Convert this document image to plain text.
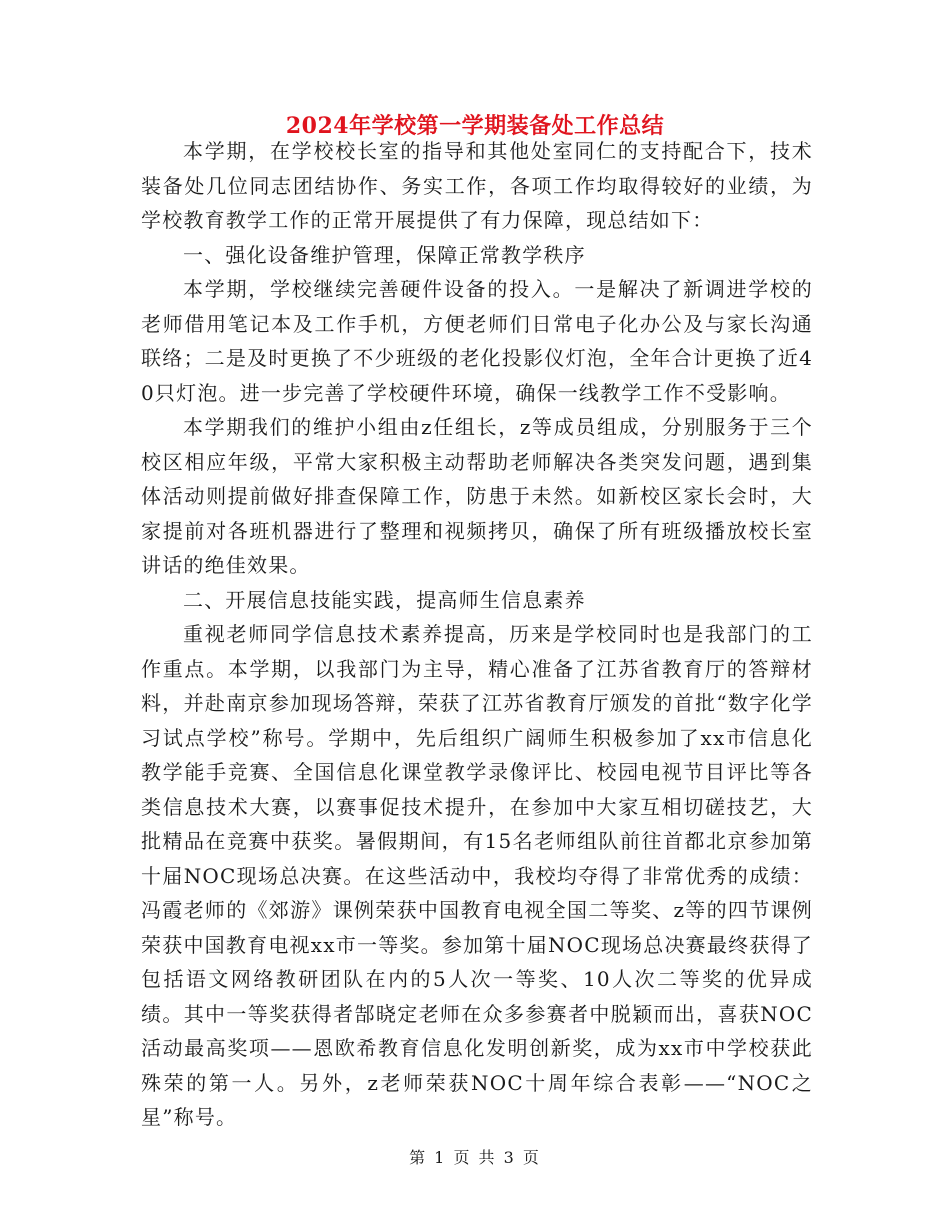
2024年学校第一学期装备处工作总结

本学期，在学校校长室的指导和其他处室同仁的支持配合下，技术装备处几位同志团结协作、务实工作，各项工作均取得较好的业绩，为学校教育教学工作的正常开展提供了有力保障，现总结如下：

一、强化设备维护管理，保障正常教学秩序

本学期，学校继续完善硬件设备的投入。一是解决了新调进学校的老师借用笔记本及工作手机，方便老师们日常电子化办公及与家长沟通联络；二是及时更换了不少班级的老化投影仪灯泡，全年合计更换了近40只灯泡。进一步完善了学校硬件环境，确保一线教学工作不受影响。

本学期我们的维护小组由z任组长，z等成员组成，分别服务于三个校区相应年级，平常大家积极主动帮助老师解决各类突发问题，遇到集体活动则提前做好排查保障工作，防患于未然。如新校区家长会时，大家提前对各班机器进行了整理和视频拷贝，确保了所有班级播放校长室讲话的绝佳效果。

二、开展信息技能实践，提高师生信息素养

重视老师同学信息技术素养提高，历来是学校同时也是我部门的工作重点。本学期，以我部门为主导，精心准备了江苏省教育厅的答辩材料，并赴南京参加现场答辩，荣获了江苏省教育厅颁发的首批“数字化学习试点学校”称号。学期中，先后组织广阔师生积极参加了xx市信息化教学能手竞赛、全国信息化课堂教学录像评比、校园电视节目评比等各类信息技术大赛，以赛事促技术提升，在参加中大家互相切磋技艺，大批精品在竞赛中获奖。暑假期间，有15名老师组队前往首都北京参加第十届NOC现场总决赛。在这些活动中，我校均夺得了非常优秀的成绩：冯霞老师的《郊游》课例荣获中国教育电视全国二等奖、z等的四节课例荣获中国教育电视xx市一等奖。参加第十届NOC现场总决赛最终获得了包括语文网络教研团队在内的5人次一等奖、10人次二等奖的优异成绩。其中一等奖获得者郜晓定老师在众多参赛者中脱颖而出，喜获NOC活动最高奖项——恩欧希教育信息化发明创新奖，成为xx市中学校获此殊荣的第一人。另外，z老师荣获NOC十周年综合表彰——“NOC之星”称号。

第 1 页 共 3 页
